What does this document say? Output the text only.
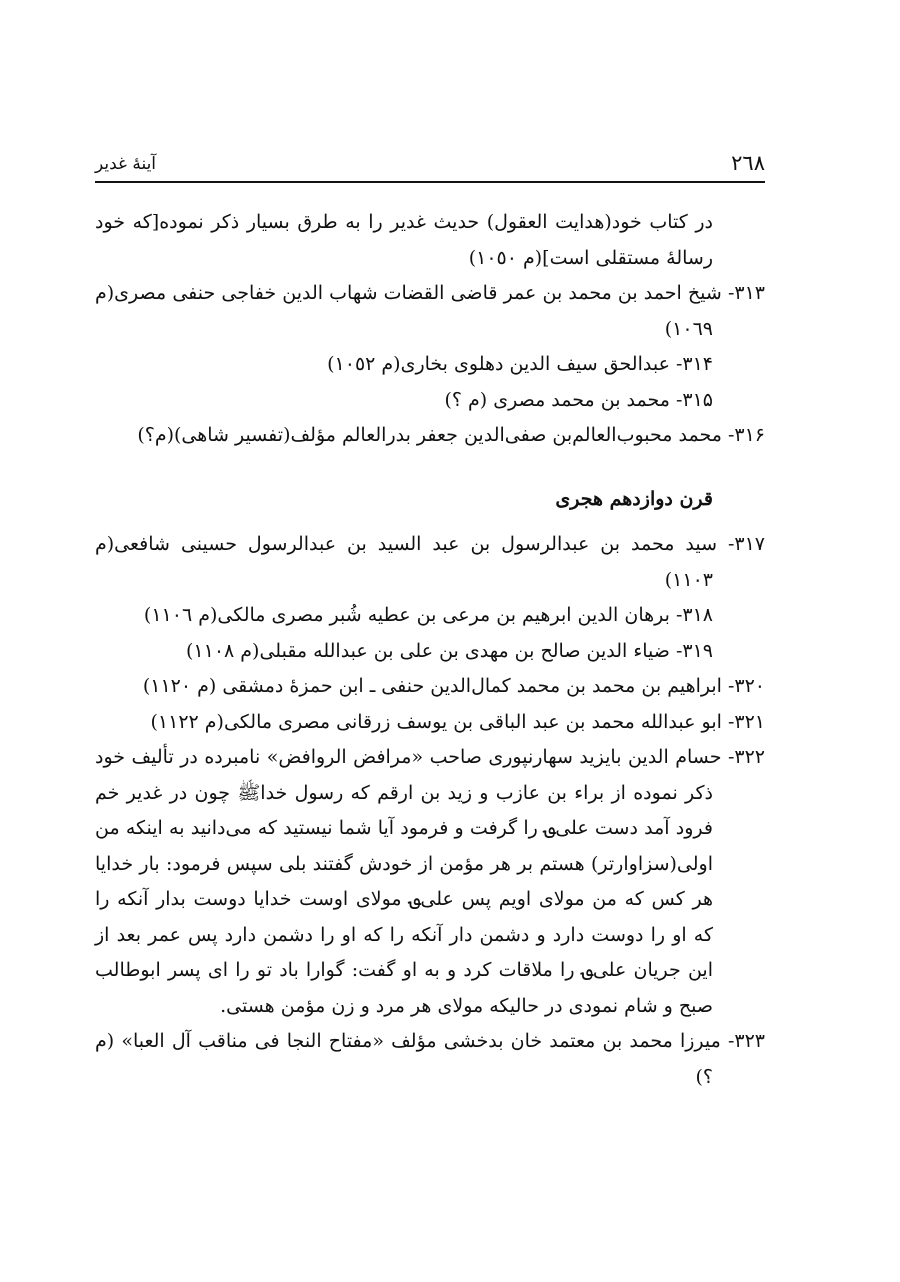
٢٦٨
آینهٔ غدیر

در کتاب خود(هدایت العقول) حدیث غدیر را به طرق بسیار ذکر نموده[که خود رسالهٔ مستقلی است](م ١٠٥٠)

٣١٣- شیخ احمد بن محمد بن عمر قاضی القضات شهاب الدین خفاجی حنفی مصری(م ١٠٦٩)

٣١۴- عبدالحق سیف الدین دهلوی بخاری(م ١٠٥٢)

٣١۵- محمد بن محمد مصری (م ؟)

٣١۶- محمد محبوب‌العالم‌بن صفی‌الدین جعفر بدرالعالم مؤلف(تفسیر شاهی)(م؟)

قرن دوازدهم هجری

٣١٧- سید محمد بن عبدالرسول بن عبد السید بن عبدالرسول حسینی شافعی(م ١١٠٣)

٣١٨- برهان الدین ابرهیم بن مرعی بن عطیه شُبر مصری مالکی(م ١١٠٦)

٣١٩- ضیاء الدین صالح بن مهدی بن علی بن عبدالله مقبلی(م ١١٠٨)

٣٢٠- ابراهیم بن محمد بن محمد کمال‌الدین حنفی ـ ابن حمزهٔ دمشقی (م ١١٢٠)

٣٢١- ابو عبدالله محمد بن عبد الباقی بن یوسف زرقانی مصری مالکی(م ١١٢٢)

٣٢٢- حسام الدین بایزید سهارنپوری صاحب «مرافض الروافض» نامبرده در تألیف خود ذکر نموده از براء بن عازب و زید بن ارقم که رسول خداﷺ چون در غدیر خم فرود آمد دست علی؈ را گرفت و فرمود آیا شما نیستید که می‌دانید به اینکه من اولی(سزاوارتر) هستم بر هر مؤمن از خودش گفتند بلی سپس فرمود: بار خدایا هر کس که من مولای اویم پس علی؈ مولای اوست خدایا دوست بدار آنکه را که او را دوست دارد و دشمن دار آنکه را که او را دشمن دارد پس عمر بعد از این جریان علی؈ را ملاقات کرد و به او گفت: گوارا باد تو را ای پسر ابوطالب صبح و شام نمودی در حالیکه مولای هر مرد و زن مؤمن هستی.

٣٢٣- میرزا محمد بن معتمد خان بدخشی مؤلف «مفتاح النجا فی مناقب آل العبا» (م ؟)
